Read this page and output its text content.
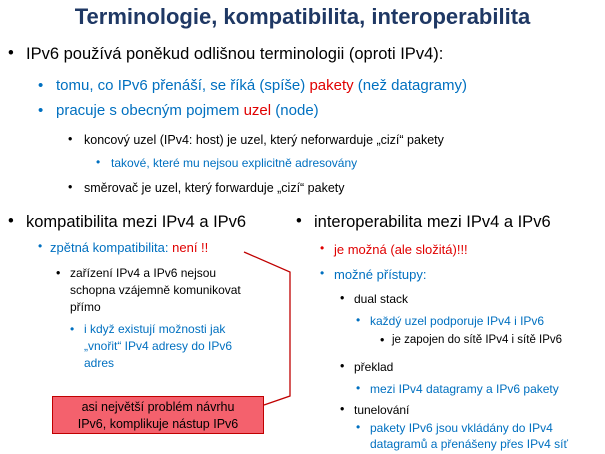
Terminologie, kompatibilita, interoperabilita
• IPv6 používá poněkud odlišnou terminologii (oproti IPv4):
• tomu, co IPv6 přenáší, se říká (spíše) pakety (než datagramy)
• pracuje s obecným pojmem uzel (node)
• koncový uzel (IPv4: host) je uzel, který neforwarduje „cizí“ pakety
• takové, které mu nejsou explicitně adresovány
• směrovač je uzel, který forwarduje „cizí“ pakety
• kompatibilita mezi IPv4 a IPv6
• zpětná kompatibilita: není !!
• zařízení IPv4 a IPv6 nejsou
schopna vzájemně komunikovat
přímo
• i když existují možnosti jak
„vnořit“ IPv4 adresy do IPv6
adres
• interoperabilita mezi IPv4 a IPv6
• je možná (ale složitá)!!!
• možné přístupy:
• dual stack
• každý uzel podporuje IPv4 i IPv6
• je zapojen do sítě IPv4 i sítě IPv6
• překlad
• mezi IPv4 datagramy a IPv6 pakety
• tunelování
• pakety IPv6 jsou vkládány do IPv4
datagramů a přenášeny přes IPv4 síť
asi největší problém návrhu
IPv6, komplikuje nástup IPv6
